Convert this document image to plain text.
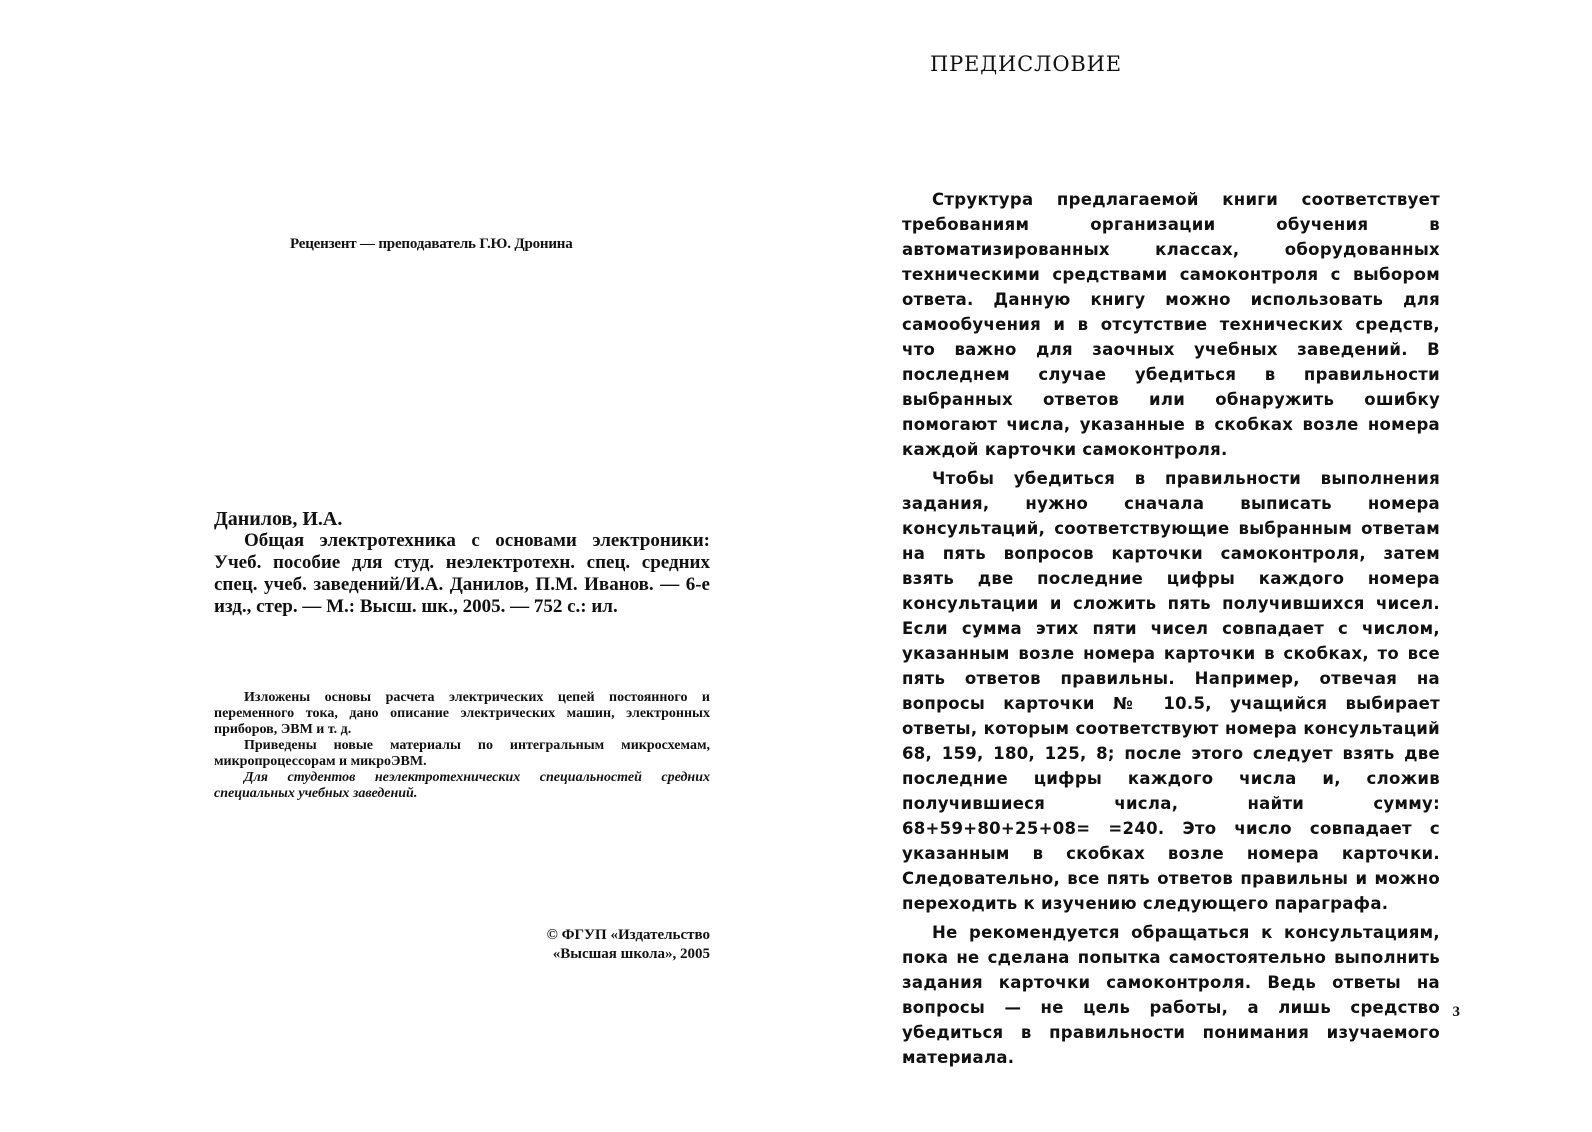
Рецензент — преподаватель Г.Ю. Дронина
Данилов, И.А.
Общая электротехника с основами электроники: Учеб. пособие для студ. неэлектротехн. спец. средних спец. учеб. заведений/И.А. Данилов, П.М. Иванов. — 6-е изд., стер. — М.: Высш. шк., 2005. — 752 с.: ил.

Изложены основы расчета электрических цепей постоянного и переменного тока, дано описание электрических машин, электронных приборов, ЭВМ и т. д.

Приведены новые материалы по интегральным микросхемам, микропроцессорам и микроЭВМ.

Для студентов неэлектротехнических специальностей средних специальных учебных заведений.

© ФГУП «Издательство
«Высшая школа», 2005
ПРЕДИСЛОВИЕ

Структура предлагаемой книги соответствует требованиям организации обучения в автоматизированных классах, оборудованных техническими средствами самоконтроля с выбором ответа. Данную книгу можно использовать для самообучения и в отсутствие технических средств, что важно для заочных учебных заведений. В последнем случае убедиться в правильности выбранных ответов или обнаружить ошибку помогают числа, указанные в скобках возле номера каждой карточки самоконтроля.

Чтобы убедиться в правильности выполнения задания, нужно сначала выписать номера консультаций, соответствующие выбранным ответам на пять вопросов карточки самоконтроля, затем взять две последние цифры каждого номера консультации и сложить пять получившихся чисел. Если сумма этих пяти чисел совпадает с числом, указанным возле номера карточки в скобках, то все пять ответов правильны. Например, отвечая на вопросы карточки № 10.5, учащийся выбирает ответы, которым соответствуют номера консультаций 68, 159, 180, 125, 8; после этого следует взять две последние цифры каждого числа и, сложив получившиеся числа, найти сумму: 68+59+80+25+08= =240. Это число совпадает с указанным в скобках возле номера карточки. Следовательно, все пять ответов правильны и можно переходить к изучению следующего параграфа.

Не рекомендуется обращаться к консультациям, пока не сделана попытка самостоятельно выполнить задания карточки самоконтроля. Ведь ответы на вопросы — не цель работы, а лишь средство убедиться в правильности понимания изучаемого материала.

3
